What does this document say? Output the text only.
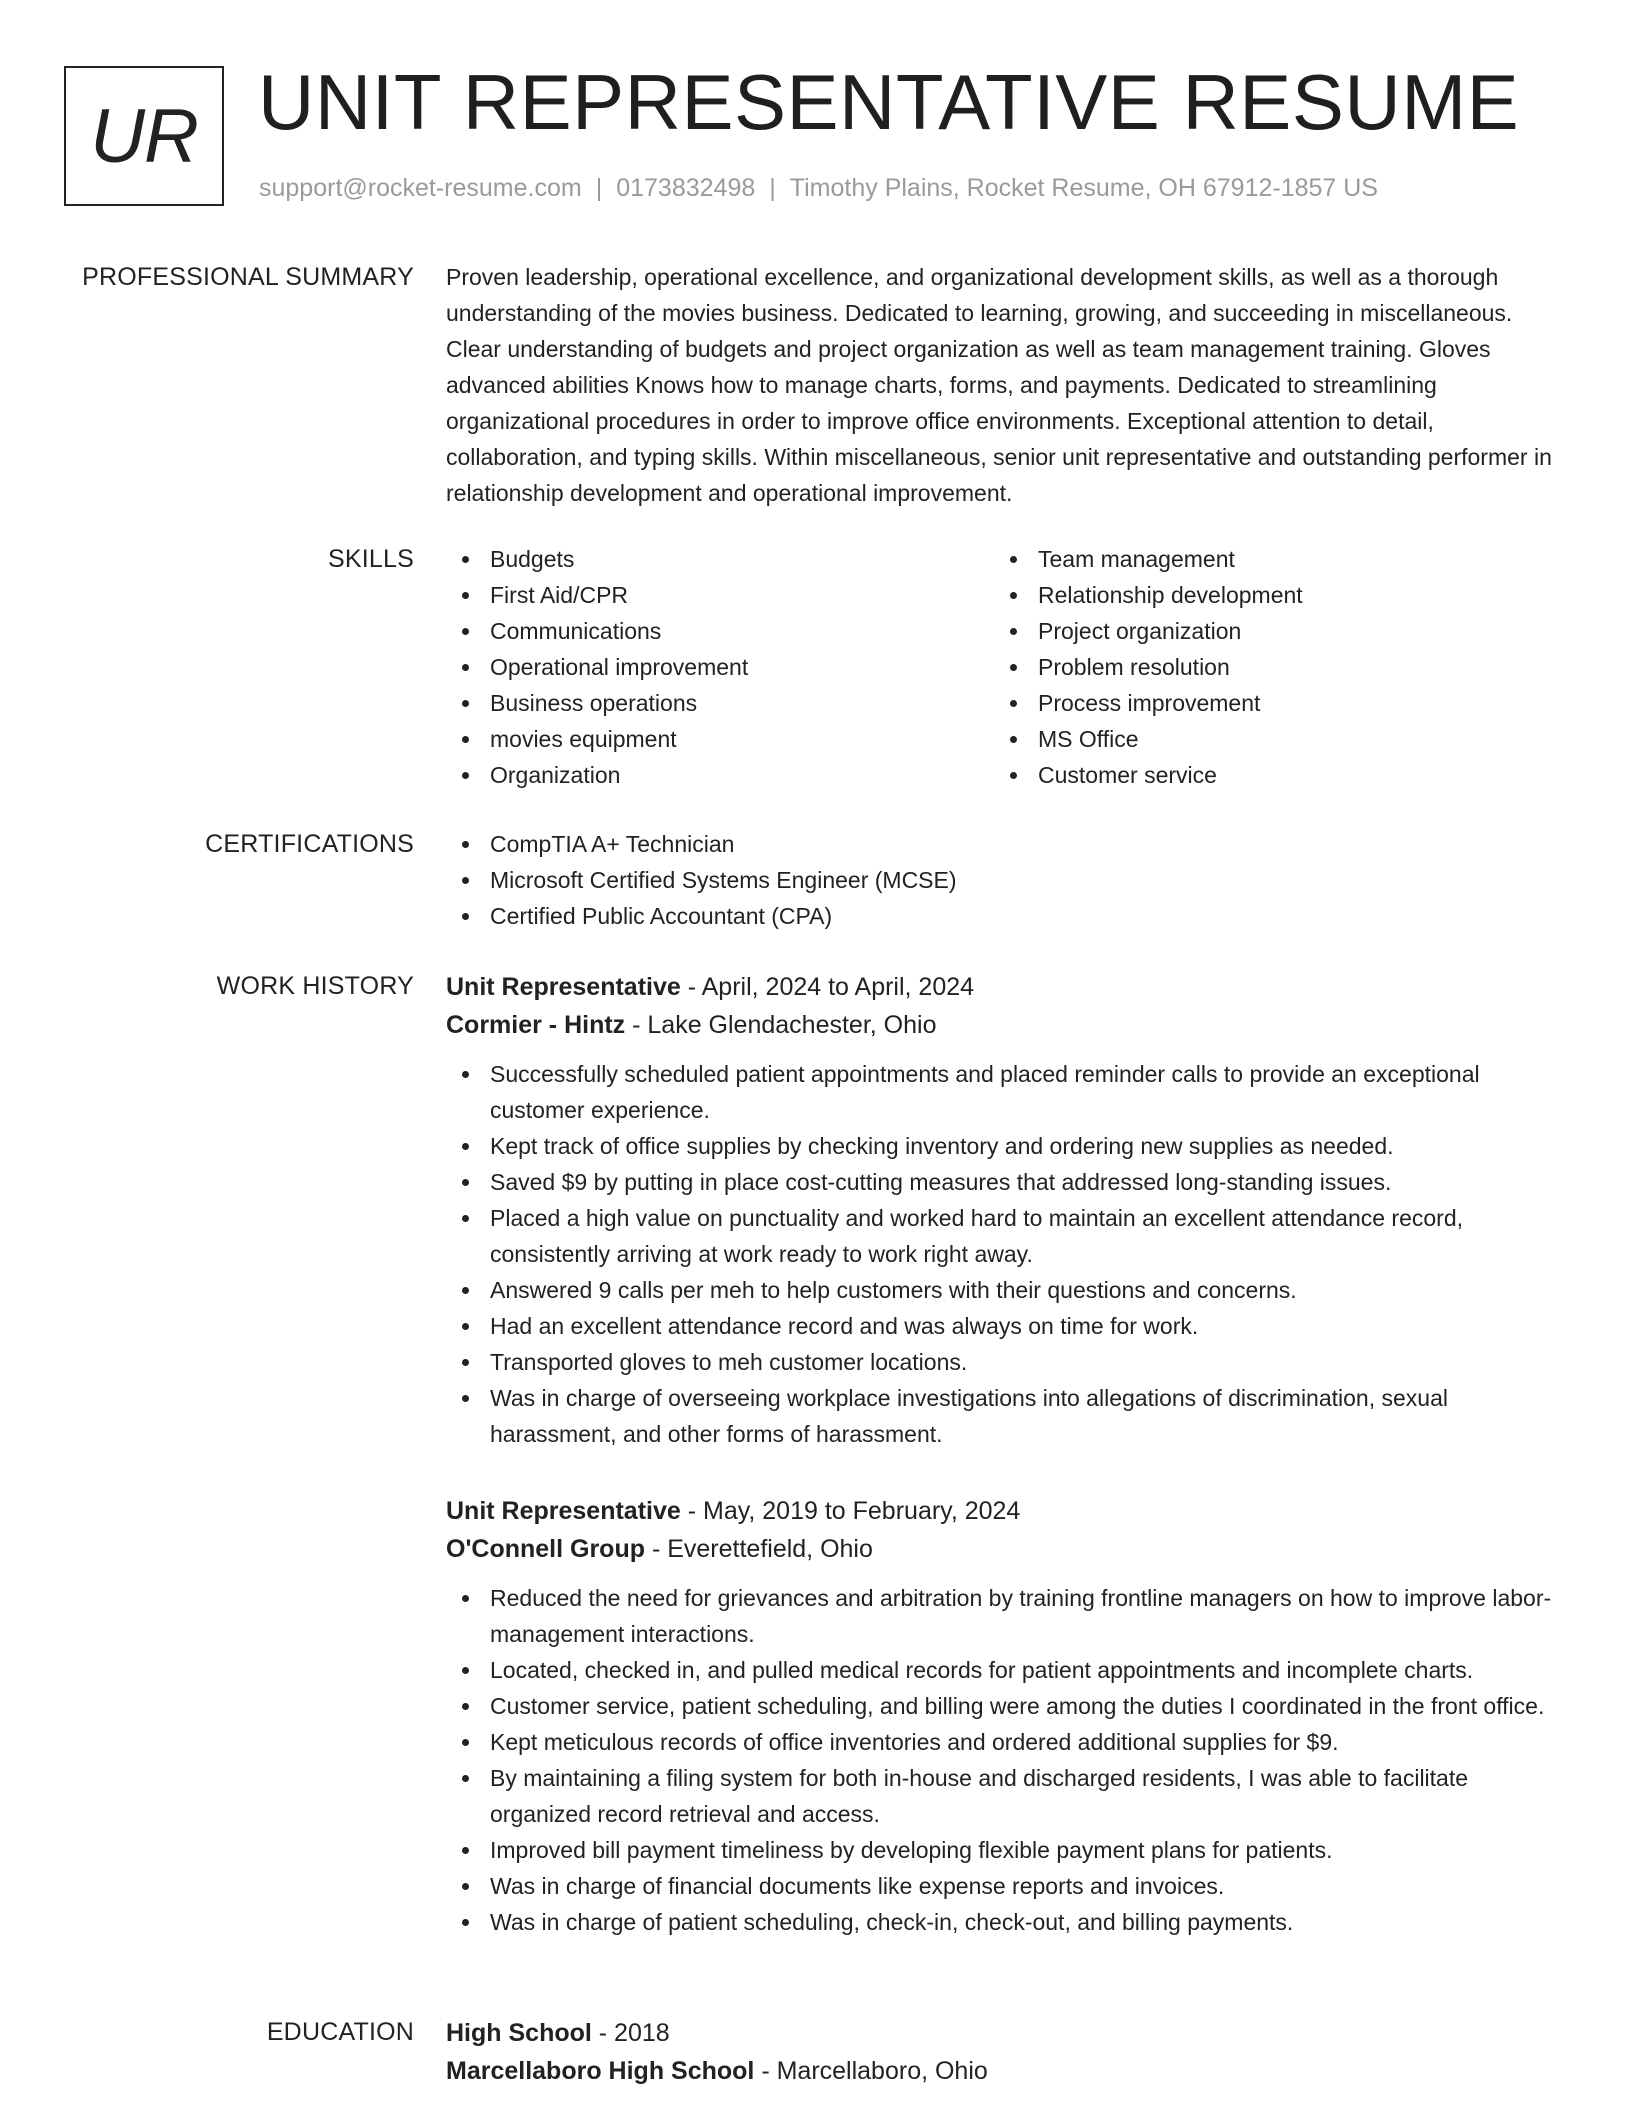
UR UNIT REPRESENTATIVE RESUME
support@rocket-resume.com | 0173832498 | Timothy Plains, Rocket Resume, OH 67912-1857 US
PROFESSIONAL SUMMARY Proven leadership, operational excellence, and organizational development skills, as well as a thorough understanding of the movies business. Dedicated to learning, growing, and succeeding in miscellaneous. Clear understanding of budgets and project organization as well as team management training. Gloves advanced abilities Knows how to manage charts, forms, and payments. Dedicated to streamlining organizational procedures in order to improve office environments. Exceptional attention to detail, collaboration, and typing skills. Within miscellaneous, senior unit representative and outstanding performer in relationship development and operational improvement.

SKILLS	Budgets
First Aid/CPR
Communications
Operational improvement
Business operations
movies equipment
Organization
Team management
Relationship development
Project organization
Problem resolution
Process improvement
MS Office
Customer service
CERTIFICATIONS	CompTIA A+ Technician
Microsoft Certified Systems Engineer (MCSE)
Certified Public Accountant (CPA)
WORK HISTORY Unit Representative - April, 2024 to April, 2024
Cormier - Hintz - Lake Glendachester, Ohio
Successfully scheduled patient appointments and placed reminder calls to provide an exceptional customer experience.
Kept track of office supplies by checking inventory and ordering new supplies as needed.
Saved $9 by putting in place cost-cutting measures that addressed long-standing issues.
Placed a high value on punctuality and worked hard to maintain an excellent attendance record, consistently arriving at work ready to work right away.
Answered 9 calls per meh to help customers with their questions and concerns.
Had an excellent attendance record and was always on time for work.
Transported gloves to meh customer locations.
Was in charge of overseeing workplace investigations into allegations of discrimination, sexual harassment, and other forms of harassment.
Unit Representative - May, 2019 to February, 2024
O'Connell Group - Everettefield, Ohio
Reduced the need for grievances and arbitration by training frontline managers on how to improve labor-management interactions.
Located, checked in, and pulled medical records for patient appointments and incomplete charts.
Customer service, patient scheduling, and billing were among the duties I coordinated in the front office.
Kept meticulous records of office inventories and ordered additional supplies for $9.
By maintaining a filing system for both in-house and discharged residents, I was able to facilitate organized record retrieval and access.
Improved bill payment timeliness by developing flexible payment plans for patients.
Was in charge of financial documents like expense reports and invoices.
Was in charge of patient scheduling, check-in, check-out, and billing payments.
EDUCATION High School - 2018
Marcellaboro High School - Marcellaboro, Ohio
